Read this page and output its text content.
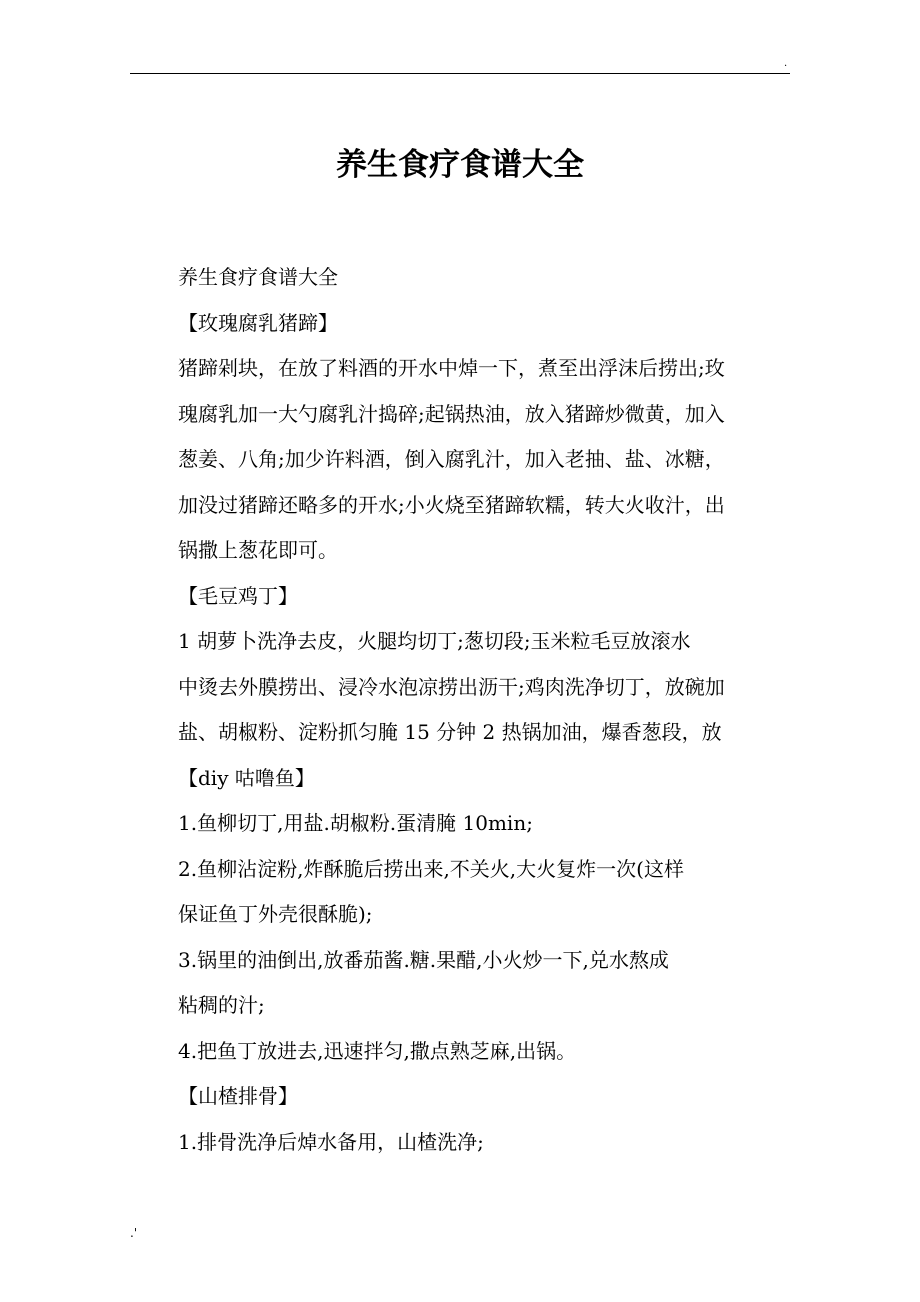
.
养生食疗食谱大全

养生食疗食谱大全

【玫瑰腐乳猪蹄】

猪蹄剁块，在放了料酒的开水中焯一下，煮至出浮沫后捞出;玫
瑰腐乳加一大勺腐乳汁捣碎;起锅热油，放入猪蹄炒微黄，加入
葱姜、八角;加少许料酒，倒入腐乳汁，加入老抽、盐、冰糖，
加没过猪蹄还略多的开水;小火烧至猪蹄软糯，转大火收汁，出
锅撒上葱花即可。

【毛豆鸡丁】

1 胡萝卜洗净去皮，火腿均切丁;葱切段;玉米粒毛豆放滚水
中烫去外膜捞出、浸冷水泡凉捞出沥干;鸡肉洗净切丁，放碗加
盐、胡椒粉、淀粉抓匀腌 15 分钟 2 热锅加油，爆香葱段，放

【diy 咕噜鱼】

1.鱼柳切丁,用盐.胡椒粉.蛋清腌 10min;

2.鱼柳沾淀粉,炸酥脆后捞出来,不关火,大火复炸一次(这样
保证鱼丁外壳很酥脆);

3.锅里的油倒出,放番茄酱.糖.果醋,小火炒一下,兑水熬成
粘稠的汁;

4.把鱼丁放进去,迅速拌匀,撒点熟芝麻,出锅。

【山楂排骨】

1.排骨洗净后焯水备用，山楂洗净;

.'
